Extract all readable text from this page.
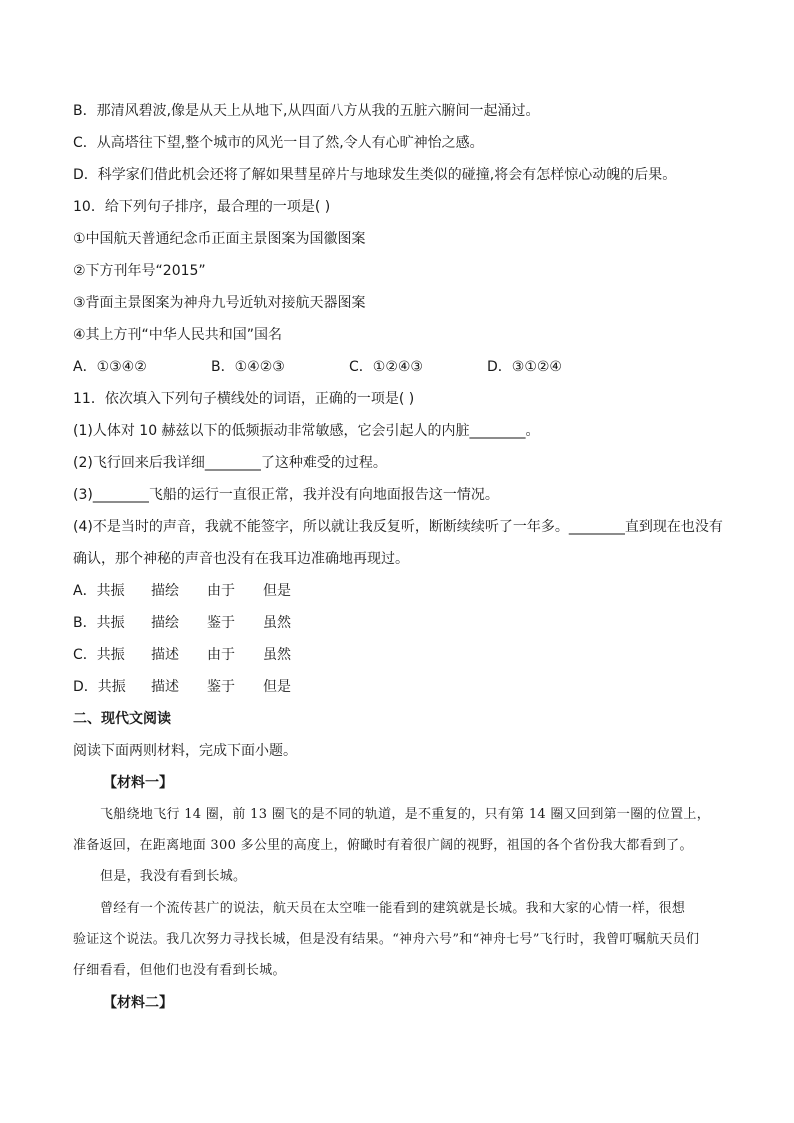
B．那清风碧波,像是从天上从地下,从四面八方从我的五脏六腑间一起涌过。
C．从高塔往下望,整个城市的风光一目了然,令人有心旷神怡之感。
D．科学家们借此机会还将了解如果彗星碎片与地球发生类似的碰撞,将会有怎样惊心动魄的后果。
10．给下列句子排序，最合理的一项是( )
①中国航天普通纪念币正面主景图案为国徽图案
②下方刊年号“2015”
③背面主景图案为神舟九号近轨对接航天器图案
④其上方刊“中华人民共和国”国名
A．①③④②	B．①④②③	C．①②④③	D．③①②④
11．依次填入下列句子横线处的词语，正确的一项是( )
(1)人体对 10 赫兹以下的低频振动非常敏感，它会引起人的内脏________。
(2)飞行回来后我详细________了这种难受的过程。
(3)________飞船的运行一直很正常，我并没有向地面报告这一情况。
(4)不是当时的声音，我就不能签字，所以就让我反复听，断断续续听了一年多。________直到现在也没有
确认，那个神秘的声音也没有在我耳边准确地再现过。
A．共振 描绘 由于 但是
B．共振 描绘 鉴于 虽然
C．共振 描述 由于 虽然
D．共振 描述 鉴于 但是
二、现代文阅读
阅读下面两则材料，完成下面小题。
【材料一】
飞船绕地飞行 14 圈，前 13 圈飞的是不同的轨道，是不重复的，只有第 14 圈又回到第一圈的位置上，
准备返回，在距离地面 300 多公里的高度上，俯瞰时有着很广阔的视野，祖国的各个省份我大都看到了。
但是，我没有看到长城。
曾经有一个流传甚广的说法，航天员在太空唯一能看到的建筑就是长城。我和大家的心情一样，很想
验证这个说法。我几次努力寻找长城，但是没有结果。“神舟六号”和“神舟七号”飞行时，我曾叮嘱航天员们
仔细看看，但他们也没有看到长城。
【材料二】
